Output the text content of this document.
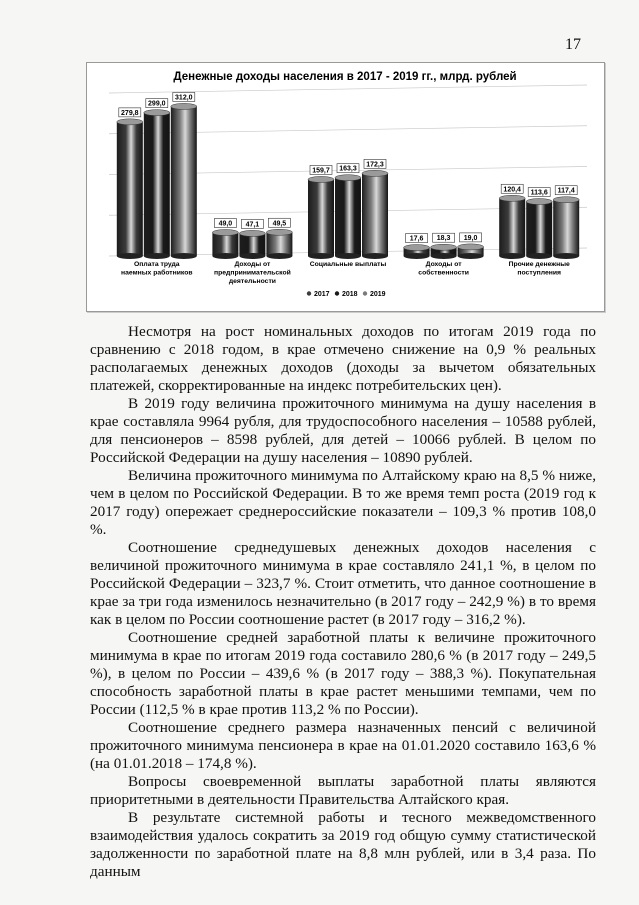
17
Денежные доходы населения в 2017 - 2019 гг., млрд. рублей
279,8
299,0
312,0
Оплата труда
наемных работников
49,0 47,1 49,5
Доходы от
предпринимательской
деятельности
159,7 163,3
172,3
Социальные выплаты
17,6 18,3 19,0
Доходы от
собственности
120,4 113,6 117,4
Прочие денежные
поступления
2017 2018 2019

Несмотря на рост номинальных доходов по итогам 2019 года по сравнению с 2018 годом, в крае отмечено снижение на 0,9 % реальных располагаемых денежных доходов (доходы за вычетом обязательных платежей, скорректированные на индекс потребительских цен).

В 2019 году величина прожиточного минимума на душу населения в крае составляла 9964 рубля, для трудоспособного населения – 10588 рублей, для пенсионеров – 8598 рублей, для детей – 10066 рублей. В целом по Российской Федерации на душу населения – 10890 рублей.

Величина прожиточного минимума по Алтайскому краю на 8,5 % ниже, чем в целом по Российской Федерации. В то же время темп роста (2019 год к 2017 году) опережает среднероссийские показатели – 109,3 % против 108,0 %.

Соотношение среднедушевых денежных доходов населения с величиной прожиточного минимума в крае составляло 241,1 %, в целом по Российской Федерации – 323,7 %. Стоит отметить, что данное соотношение в крае за три года изменилось незначительно (в 2017 году – 242,9 %) в то время как в целом по России соотношение растет (в 2017 году – 316,2 %).

Соотношение средней заработной платы к величине прожиточного минимума в крае по итогам 2019 года составило 280,6 % (в 2017 году – 249,5 %), в целом по России – 439,6 % (в 2017 году – 388,3 %). Покупательная способность заработной платы в крае растет меньшими темпами, чем по России (112,5 % в крае против 113,2 % по России).

Соотношение среднего размера назначенных пенсий с величиной прожиточного минимума пенсионера в крае на 01.01.2020 составило 163,6 % (на 01.01.2018 – 174,8 %).

Вопросы своевременной выплаты заработной платы являются приоритетными в деятельности Правительства Алтайского края.

В результате системной работы и тесного межведомственного взаимодействия удалось сократить за 2019 год общую сумму статистической задолженности по заработной плате на 8,8 млн рублей, или в 3,4 раза. По данным
